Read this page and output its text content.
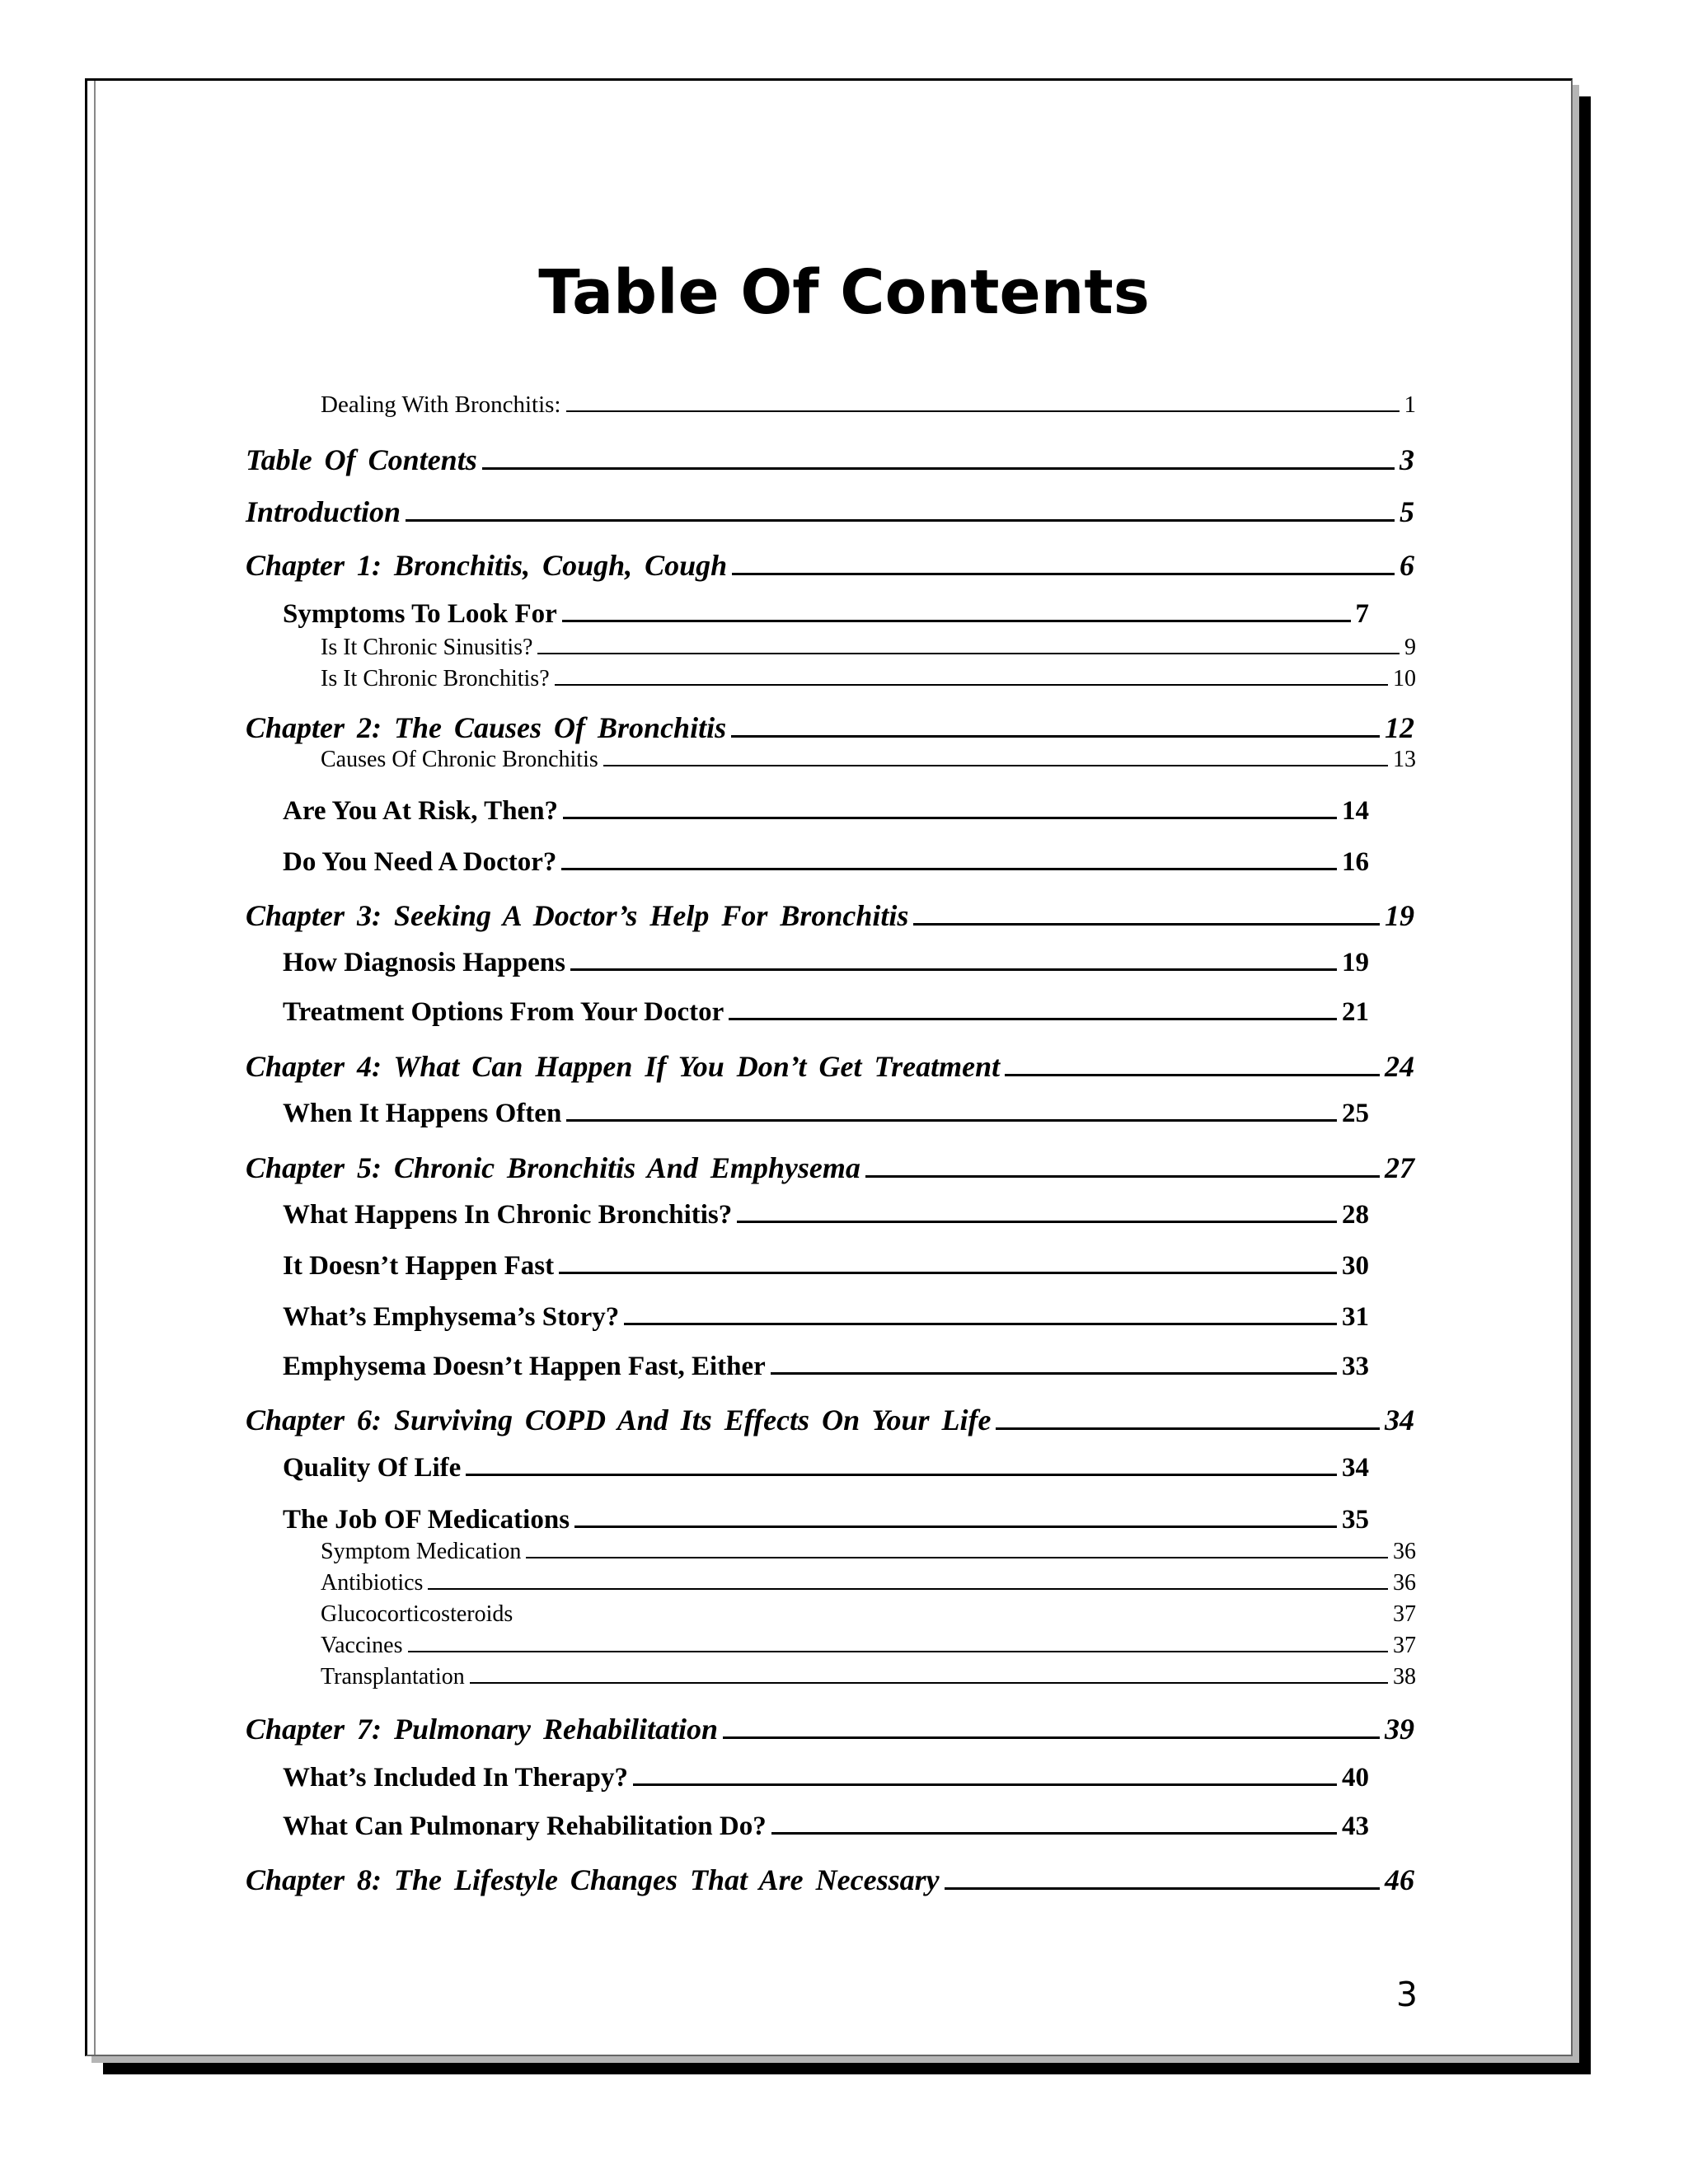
Table Of Contents
Dealing With Bronchitis:	1
Table Of Contents	3
Introduction	5
Chapter 1: Bronchitis, Cough, Cough	6
Symptoms To Look For	7
Is It Chronic Sinusitis?	9
Is It Chronic Bronchitis?	10
Chapter 2: The Causes Of Bronchitis	12
Causes Of Chronic Bronchitis	13
Are You At Risk, Then?	14
Do You Need A Doctor?	16
Chapter 3: Seeking A Doctor’s Help For Bronchitis	19
How Diagnosis Happens	19
Treatment Options From Your Doctor	21
Chapter 4: What Can Happen If You Don’t Get Treatment	24
When It Happens Often	25
Chapter 5: Chronic Bronchitis And Emphysema	27
What Happens In Chronic Bronchitis?	28
It Doesn’t Happen Fast	30
What’s Emphysema’s Story?	31
Emphysema Doesn’t Happen Fast, Either	33
Chapter 6: Surviving COPD And Its Effects On Your Life	34
Quality Of Life	34
The Job OF Medications	35
Symptom Medication	36
Antibiotics	36
Glucocorticosteroids	37
Vaccines	37
Transplantation	38
Chapter 7: Pulmonary Rehabilitation	39
What’s Included In Therapy?	40
What Can Pulmonary Rehabilitation Do?	43
Chapter 8: The Lifestyle Changes That Are Necessary	46
3
